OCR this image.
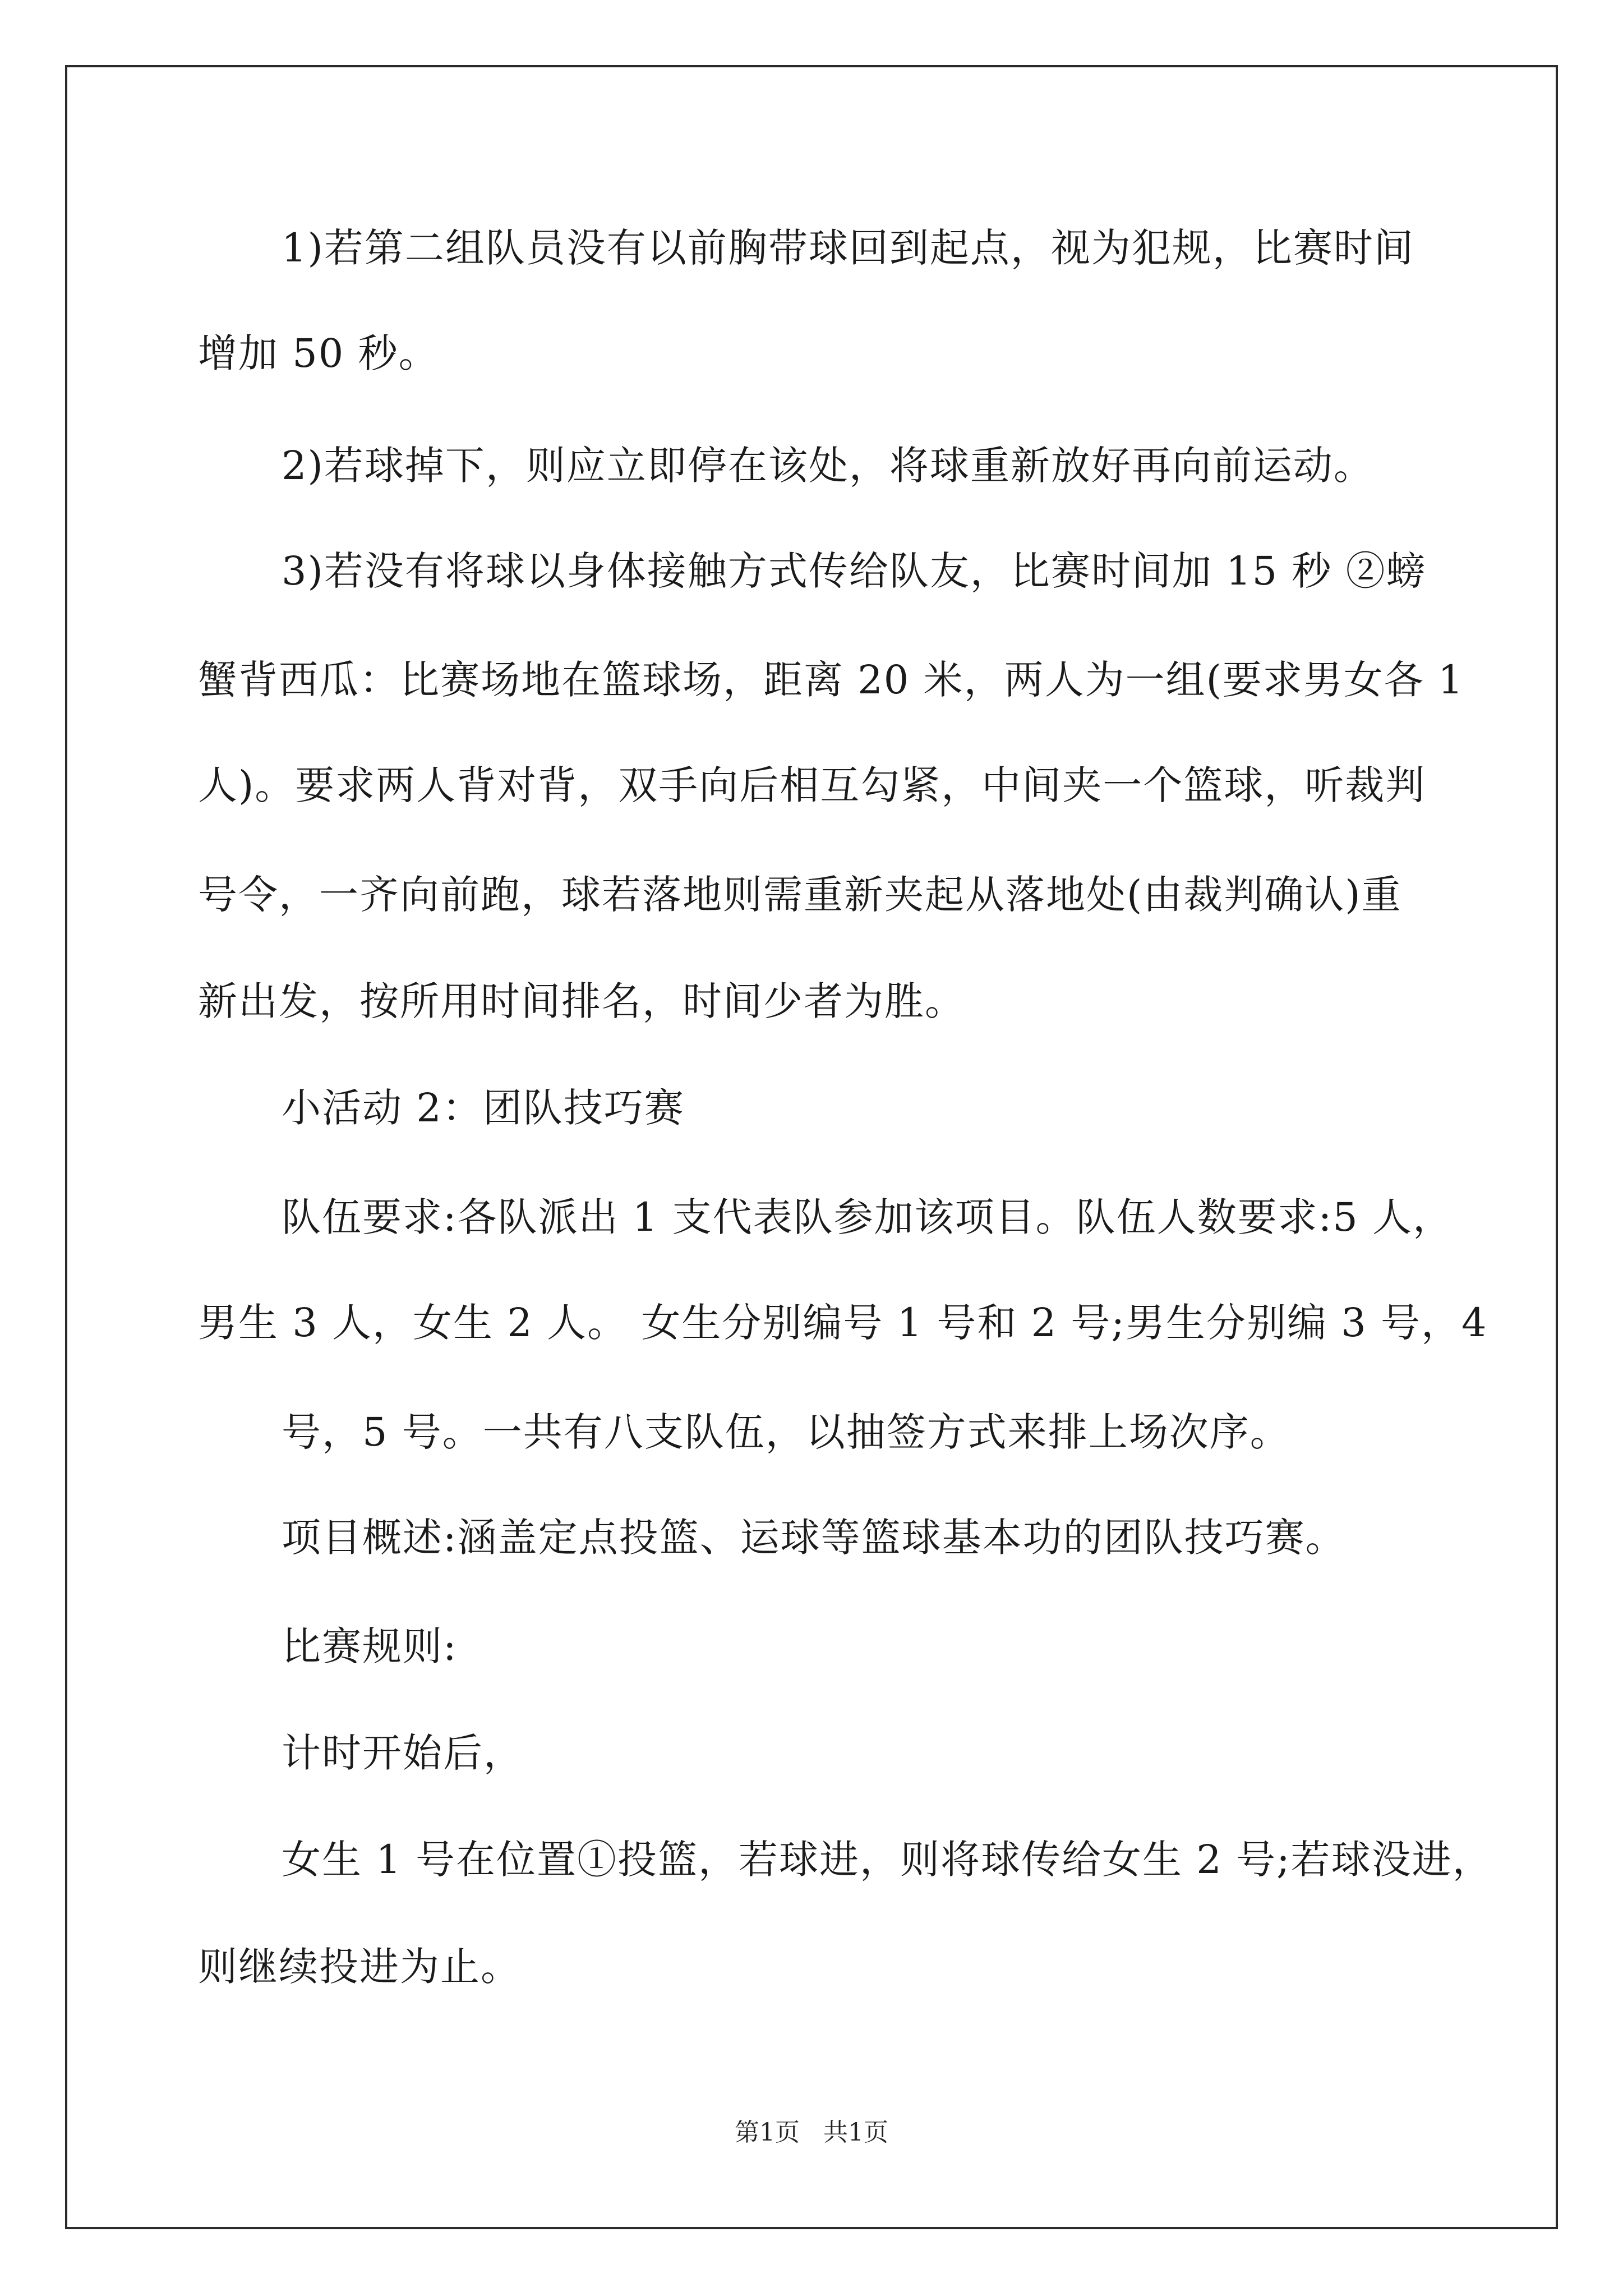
1)若第二组队员没有以前胸带球回到起点，视为犯规，比赛时间

增加 50 秒。

2)若球掉下，则应立即停在该处，将球重新放好再向前运动。

3)若没有将球以身体接触方式传给队友，比赛时间加 15 秒 ②螃

蟹背西瓜：比赛场地在篮球场，距离 20 米，两人为一组(要求男女各 1

人)。要求两人背对背，双手向后相互勾紧，中间夹一个篮球，听裁判

号令，一齐向前跑，球若落地则需重新夹起从落地处(由裁判确认)重

新出发，按所用时间排名，时间少者为胜。

小活动 2：团队技巧赛

队伍要求:各队派出 1 支代表队参加该项目。队伍人数要求:5 人，

男生 3 人，女生 2 人。 女生分别编号 1 号和 2 号;男生分别编 3 号，4

号，5 号。一共有八支队伍，以抽签方式来排上场次序。

项目概述:涵盖定点投篮、运球等篮球基本功的团队技巧赛。

比赛规则:

计时开始后，

女生 1 号在位置①投篮，若球进，则将球传给女生 2 号;若球没进，

则继续投进为止。

第1页   共1页
